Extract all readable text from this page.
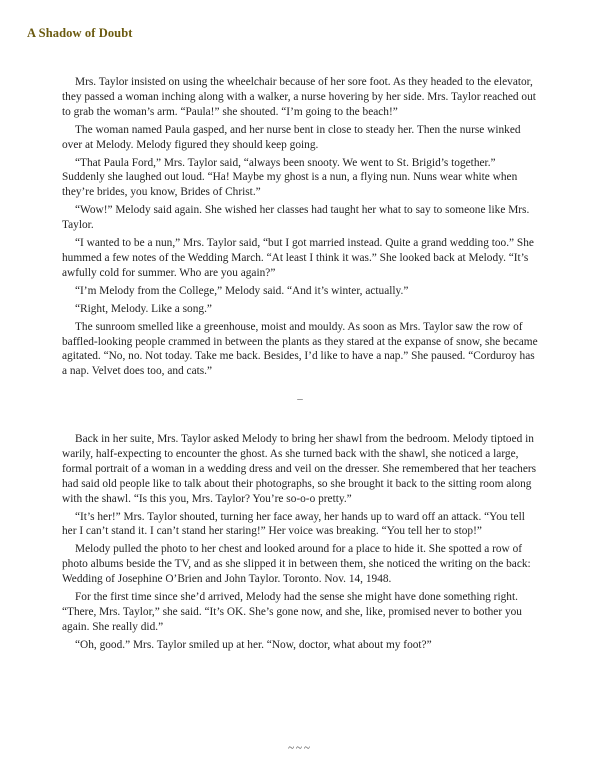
A Shadow of Doubt

Mrs. Taylor insisted on using the wheelchair because of her sore foot. As they headed to the elevator, they passed a woman inching along with a walker, a nurse hovering by her side. Mrs. Taylor reached out to grab the woman’s arm. “Paula!” she shouted. “I’m going to the beach!”

The woman named Paula gasped, and her nurse bent in close to steady her. Then the nurse winked over at Melody. Melody figured they should keep going.

“That Paula Ford,” Mrs. Taylor said, “always been snooty. We went to St. Brigid’s together.” Suddenly she laughed out loud. “Ha! Maybe my ghost is a nun, a flying nun. Nuns wear white when they’re brides, you know, Brides of Christ.”

“Wow!” Melody said again. She wished her classes had taught her what to say to someone like Mrs. Taylor.

“I wanted to be a nun,” Mrs. Taylor said, “but I got married instead. Quite a grand wedding too.” She hummed a few notes of the Wedding March. “At least I think it was.” She looked back at Melody. “It’s awfully cold for summer. Who are you again?”

“I’m Melody from the College,” Melody said. “And it’s winter, actually.”

“Right, Melody. Like a song.”

The sunroom smelled like a greenhouse, moist and mouldy. As soon as Mrs. Taylor saw the row of baffled-looking people crammed in between the plants as they stared at the expanse of snow, she became agitated. “No, no. Not today. Take me back. Besides, I’d like to have a nap.” She paused. “Corduroy has a nap. Velvet does too, and cats.”

–

Back in her suite, Mrs. Taylor asked Melody to bring her shawl from the bedroom. Melody tiptoed in warily, half-expecting to encounter the ghost. As she turned back with the shawl, she noticed a large, formal portrait of a woman in a wedding dress and veil on the dresser. She remembered that her teachers had said old people like to talk about their photographs, so she brought it back to the sitting room along with the shawl. “Is this you, Mrs. Taylor? You’re so-o-o pretty.”

“It’s her!” Mrs. Taylor shouted, turning her face away, her hands up to ward off an attack. “You tell her I can’t stand it. I can’t stand her staring!” Her voice was breaking. “You tell her to stop!”

Melody pulled the photo to her chest and looked around for a place to hide it. She spotted a row of photo albums beside the TV, and as she slipped it in between them, she noticed the writing on the back: Wedding of Josephine O’Brien and John Taylor. Toronto. Nov. 14, 1948.

For the first time since she’d arrived, Melody had the sense she might have done something right. “There, Mrs. Taylor,” she said. “It’s OK. She’s gone now, and she, like, promised never to bother you again. She really did.”

“Oh, good.” Mrs. Taylor smiled up at her. “Now, doctor, what about my foot?”

~~~
